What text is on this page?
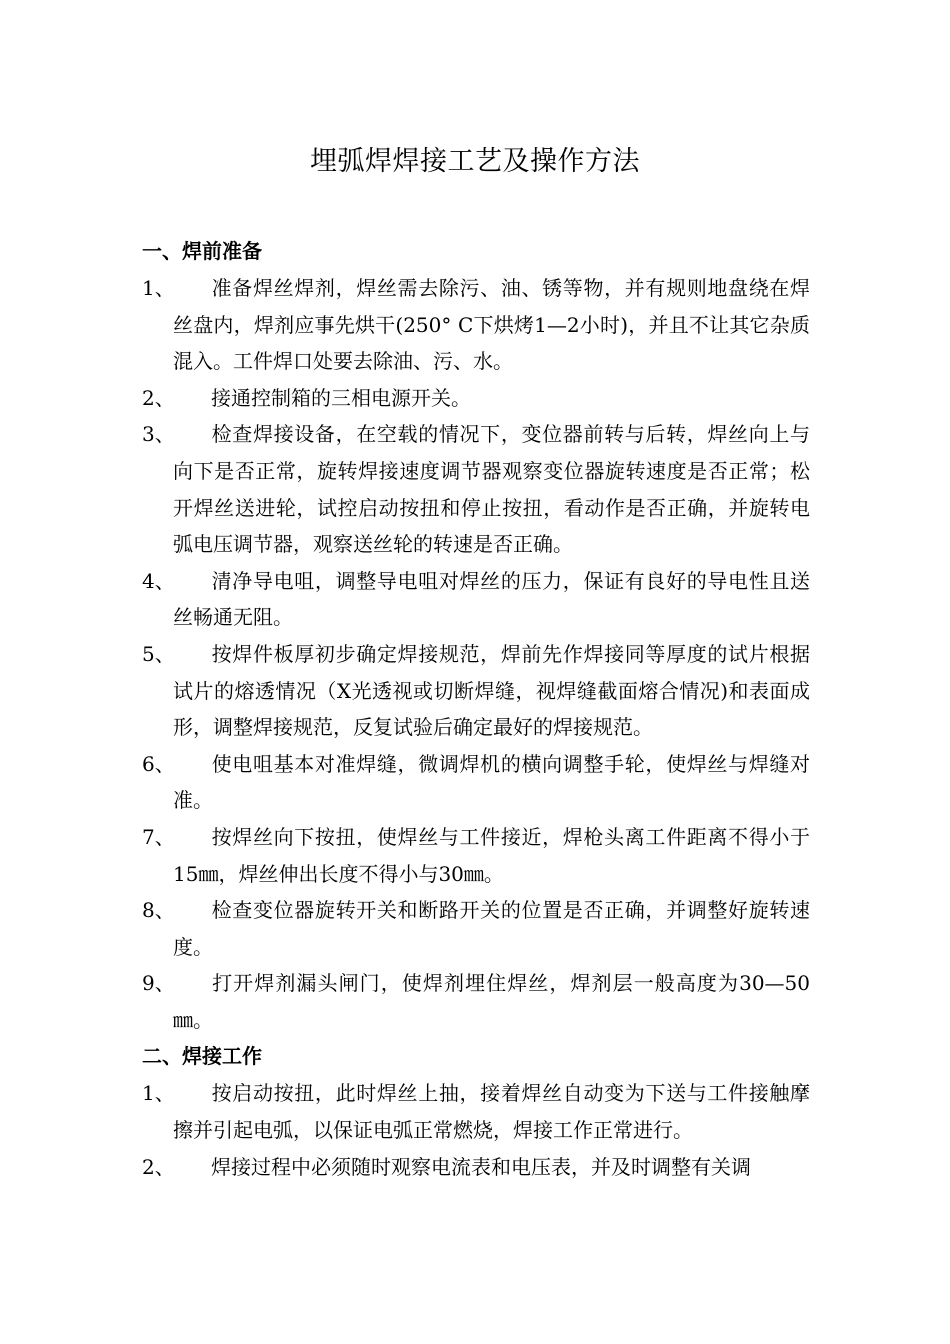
埋弧焊焊接工艺及操作方法
一、焊前准备
1、 准备焊丝焊剂，焊丝需去除污、油、锈等物，并有规则地盘绕在焊丝盘内，焊剂应事先烘干(250° C下烘烤1—2小时)，并且不让其它杂质混入。工件焊口处要去除油、污、水。
2、 接通控制箱的三相电源开关。
3、 检查焊接设备，在空载的情况下，变位器前转与后转，焊丝向上与向下是否正常，旋转焊接速度调节器观察变位器旋转速度是否正常；松开焊丝送进轮，试控启动按扭和停止按扭，看动作是否正确，并旋转电弧电压调节器，观察送丝轮的转速是否正确。
4、 清净导电咀，调整导电咀对焊丝的压力，保证有良好的导电性且送丝畅通无阻。
5、 按焊件板厚初步确定焊接规范，焊前先作焊接同等厚度的试片根据试片的熔透情况（X光透视或切断焊缝，视焊缝截面熔合情况)和表面成形，调整焊接规范，反复试验后确定最好的焊接规范。
6、 使电咀基本对准焊缝，微调焊机的横向调整手轮，使焊丝与焊缝对准。
7、 按焊丝向下按扭，使焊丝与工件接近，焊枪头离工件距离不得小于15㎜，焊丝伸出长度不得小与30㎜。
8、 检查变位器旋转开关和断路开关的位置是否正确，并调整好旋转速度。
9、 打开焊剂漏头闸门，使焊剂埋住焊丝，焊剂层一般高度为30—50㎜。
二、焊接工作
1、 按启动按扭，此时焊丝上抽，接着焊丝自动变为下送与工件接触摩擦并引起电弧，以保证电弧正常燃烧，焊接工作正常进行。
2、 焊接过程中必须随时观察电流表和电压表，并及时调整有关调
